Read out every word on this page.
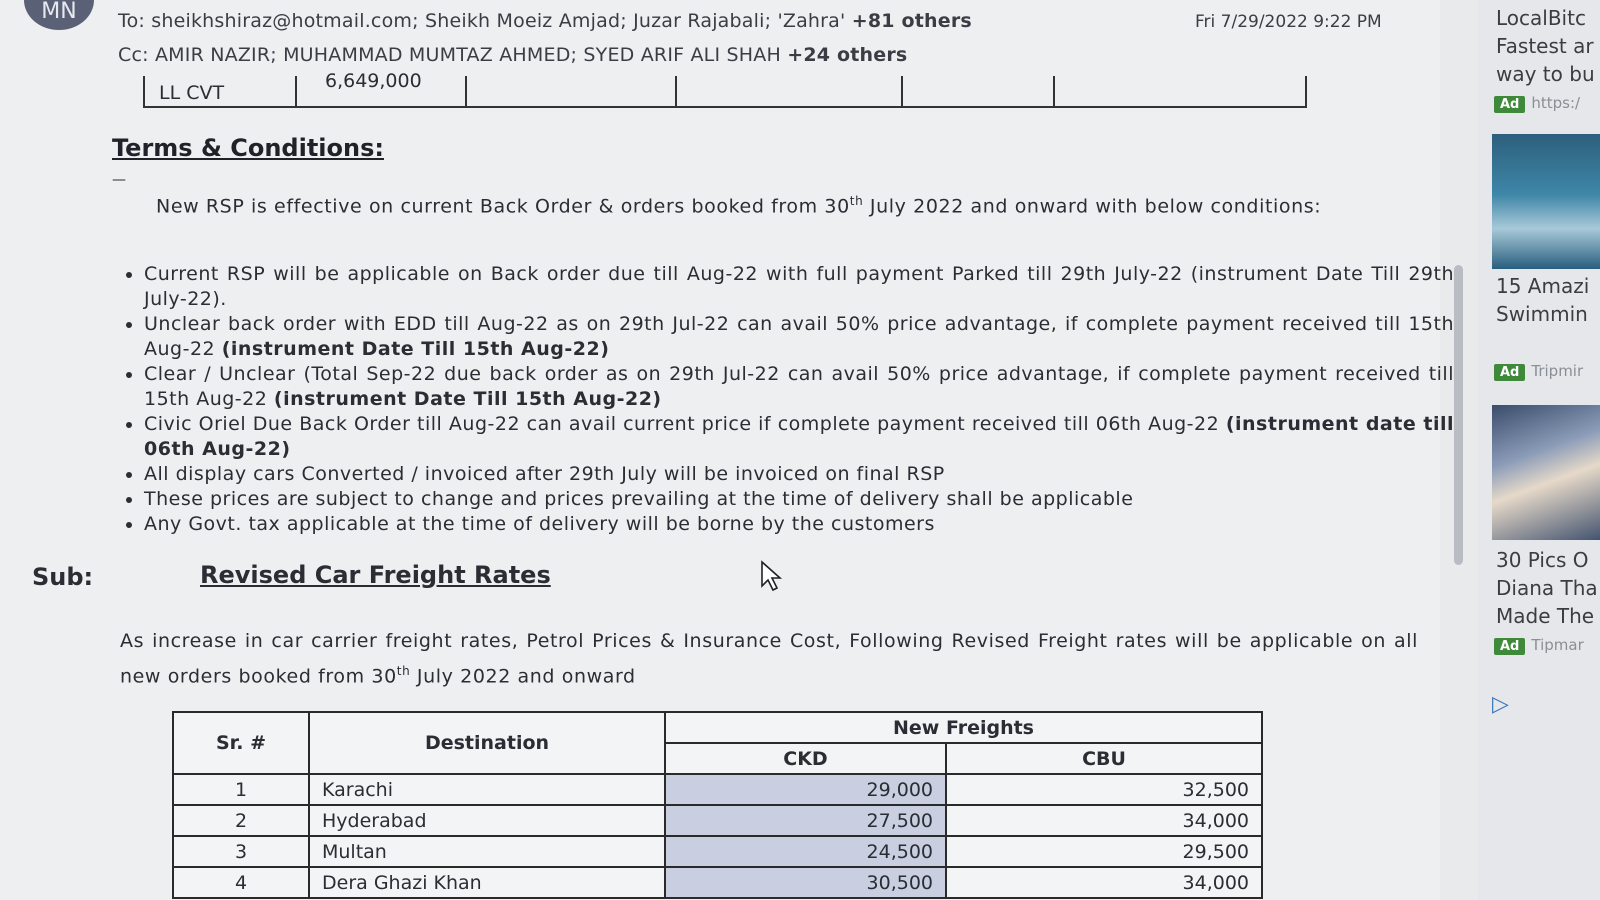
MN	To: sheikhshiraz@hotmail.com; Sheikh Moeiz Amjad; Juzar Rajabali; 'Zahra' +81 others	Fri 7/29/2022 9:22 PM
Cc: AMIR NAZIR; MUHAMMAD MUMTAZ AHMED; SYED ARIF ALI SHAH +24 others
LL CVT
6,649,000
Terms & Conditions:
—
New RSP is effective on current Back Order & orders booked from 30th July 2022 and onward with below conditions:
• Current RSP will be applicable on Back order due till Aug-22 with full payment Parked till 29th July-22 (instrument Date Till 29th July-22).
• Unclear back order with EDD till Aug-22 as on 29th Jul-22 can avail 50% price advantage, if complete payment received till 15th Aug-22 (instrument Date Till 15th Aug-22)
• Clear / Unclear (Total Sep-22 due back order as on 29th Jul-22 can avail 50% price advantage, if complete payment received till 15th Aug-22 (instrument Date Till 15th Aug-22)
• Civic Oriel Due Back Order till Aug-22 can avail current price if complete payment received till 06th Aug-22 (instrument date till 06th Aug-22)
• All display cars Converted / invoiced after 29th July will be invoiced on final RSP
• These prices are subject to change and prices prevailing at the time of delivery shall be applicable
• Any Govt. tax applicable at the time of delivery will be borne by the customers
Sub:	Revised Car Freight Rates
As increase in car carrier freight rates, Petrol Prices & Insurance Cost, Following Revised Freight rates will be applicable on all new orders booked from 30th July 2022 and onward
Sr. #	Destination	New Freights	
		CKD	CBU
1	Karachi	29,000	32,500
2	Hyderabad	27,500	34,000
3	Multan	24,500	29,500
4	Dera Ghazi Khan	30,500	34,000
LocalBitc
Fastest ar
way to bu
Ad https:/
15 Amazi
Swimmin
Ad Tripmir
30 Pics O
Diana Tha
Made The
Ad Tipmar
▷
